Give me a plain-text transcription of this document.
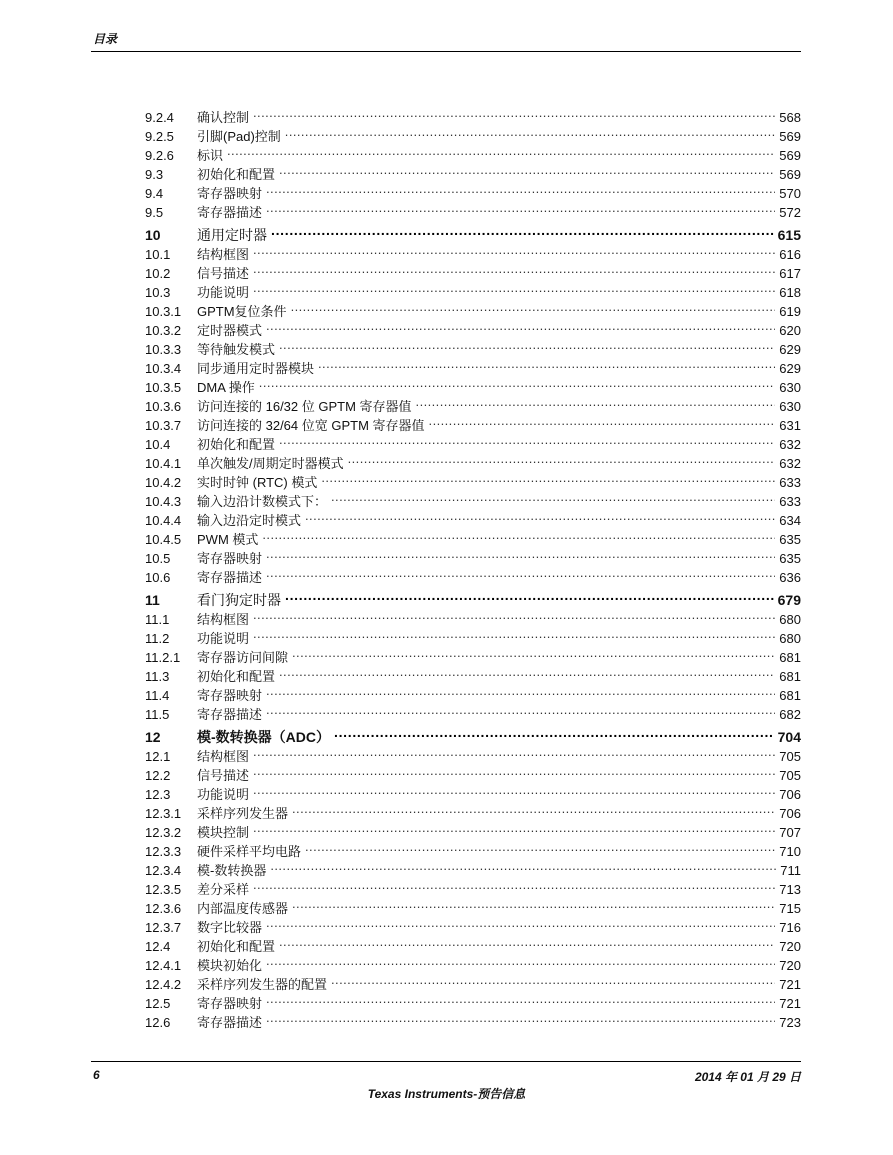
目录
9.2.4	确认控制 . . .	568
9.2.5	引脚(Pad)控制 . . .	569
9.2.6	标识 . . .	569
9.3	初始化和配置 . . .	569
9.4	寄存器映射 . . .	570
9.5	寄存器描述 . . .	572
10	通用定时器 . . .	615
10.1	结构框图 . . .	616
10.2	信号描述 . . .	617
10.3	功能说明 . . .	618
10.3.1	GPTM复位条件 . . .	619
10.3.2	定时器模式 . . .	620
10.3.3	等待触发模式 . . .	629
10.3.4	同步通用定时器模块 . . .	629
10.3.5	DMA 操作 . . .	630
10.3.6	访问连接的 16/32 位 GPTM 寄存器值 . . .	630
10.3.7	访问连接的 32/64 位宽 GPTM 寄存器值 . . .	631
10.4	初始化和配置 . . .	632
10.4.1	单次触发/周期定时器模式 . . .	632
10.4.2	实时时钟 (RTC) 模式 . . .	633
10.4.3	输入边沿计数模式下： . . .	633
10.4.4	输入边沿定时模式 . . .	634
10.4.5	PWM 模式 . . .	635
10.5	寄存器映射 . . .	635
10.6	寄存器描述 . . .	636
11	看门狗定时器 . . .	679
11.1	结构框图 . . .	680
11.2	功能说明 . . .	680
11.2.1	寄存器访问间隙 . . .	681
11.3	初始化和配置 . . .	681
11.4	寄存器映射 . . .	681
11.5	寄存器描述 . . .	682
12	模-数转换器（ADC） . . .	704
12.1	结构框图 . . .	705
12.2	信号描述 . . .	705
12.3	功能说明 . . .	706
12.3.1	采样序列发生器 . . .	706
12.3.2	模块控制 . . .	707
12.3.3	硬件采样平均电路 . . .	710
12.3.4	模-数转换器 . . .	711
12.3.5	差分采样 . . .	713
12.3.6	内部温度传感器 . . .	715
12.3.7	数字比较器 . . .	716
12.4	初始化和配置 . . .	720
12.4.1	模块初始化 . . .	720
12.4.2	采样序列发生器的配置 . . .	721
12.5	寄存器映射 . . .	721
12.6	寄存器描述 . . .	723
6	2014 年 01 月 29 日
Texas Instruments-预告信息
